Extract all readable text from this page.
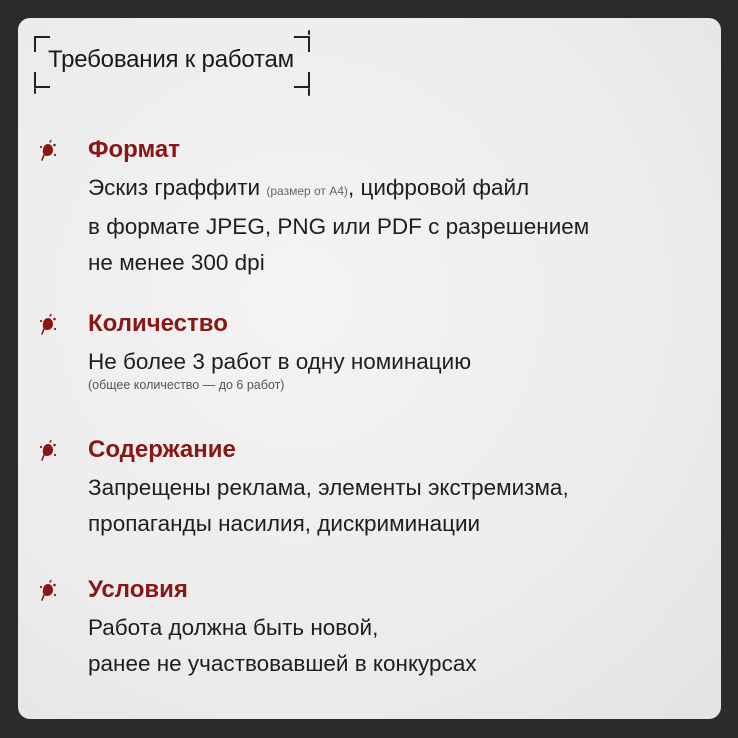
Требования к работам
Формат
Эскиз граффити (размер от А4), цифровой файл
в формате JPEG, PNG или PDF с разрешением
не менее 300 dpi
Количество
Не более 3 работ в одну номинацию
(общее количество — до 6 работ)
Содержание
Запрещены реклама, элементы экстремизма,
пропаганды насилия, дискриминации
Условия
Работа должна быть новой,
ранее не участвовавшей в конкурсах
